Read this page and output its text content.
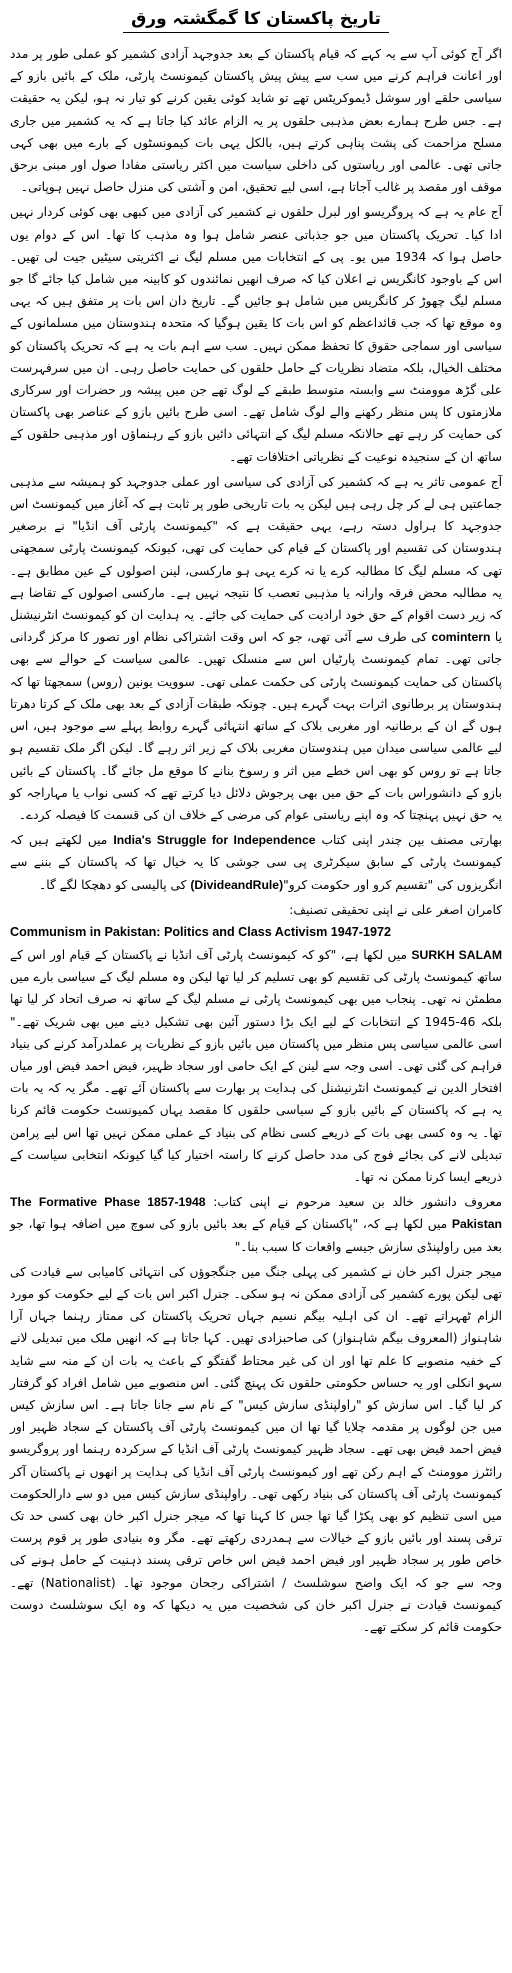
تاریخ پاکستان کا گمگشتہ ورق

اگر آج کوئی آپ سے یہ کہے کہ قیام پاکستان کے بعد جدوجہد آزادی کشمیر کو عملی طور پر مدد اور اعانت فراہم کرنے میں سب سے پیش پیش پاکستان کیمونسٹ پارٹی، ملک کے بائیں بازو کے سیاسی حلقے اور سوشل ڈیموکریٹس تھے تو شاید کوئی یقین کرنے کو تیار نہ ہو، لیکن یہ حقیقت ہے۔ جس طرح ہمارے بعض مذہبی حلقوں پر یہ الزام عائد کیا جاتا ہے کہ یہ کشمیر میں جاری مسلح مزاحمت کی پشت پناہی کرتے ہیں، بالکل یہی بات کیمونسٹوں کے بارے میں بھی کہی جاتی تھی۔ عالمی اور ریاستوں کی داخلی سیاست میں اکثر ریاستی مفادا صول اور مبنی برحق موقف اور مقصد پر غالب آجاتا ہے، اسی لیے تحقیق، امن و آشتی کی منزل حاصل نہیں ہوپاتی۔

آج عام یہ ہے کہ پروگریسو اور لبرل حلقوں نے کشمیر کی آزادی میں کبھی بھی کوئی کردار نہیں ادا کیا۔ تحریک پاکستان میں جو جذباتی عنصر شامل ہوا وہ مذہب کا تھا۔ اس کے دوام یوں حاصل ہوا کہ 1934 میں یو۔ پی کے انتخابات میں مسلم لیگ نے اکثریتی سیٹیں جیت لی تھیں۔ اس کے باوجود کانگریس نے اعلان کیا کہ صرف انھیں نمائندوں کو کابینہ میں شامل کیا جائے گا جو مسلم لیگ چھوڑ کر کانگریس میں شامل ہو جائیں گے۔ تاریخ دان اس بات پر متفق ہیں کہ یہی وہ موقع تھا کہ جب قائداعظم کو اس بات کا یقین ہوگیا کہ متحدہ ہندوستان میں مسلمانوں کے سیاسی اور سماجی حقوق کا تحفظ ممکن نہیں۔ سب سے اہم بات یہ ہے کہ تحریک پاکستان کو مختلف الخیال، بلکہ متضاد نظریات کے حامل حلقوں کی حمایت حاصل رہی۔ ان میں سرفہرست علی گڑھ موومنٹ سے وابستہ متوسط طبقے کے لوگ تھے جن میں پیشہ ور حضرات اور سرکاری ملازمتوں کا پس منظر رکھنے والے لوگ شامل تھے۔ اسی طرح بائیں بازو کے عناصر بھی پاکستان کی حمایت کر رہے تھے حالانکہ مسلم لیگ کے انتہائی دائیں بازو کے رہنماؤں اور مذہبی حلقوں کے ساتھ ان کے سنجیدہ نوعیت کے نظریاتی اختلافات تھے۔

آج عمومی تاثر یہ ہے کہ کشمیر کی آزادی کی سیاسی اور عملی جدوجہد کو ہمیشہ سے مذہبی جماعتیں ہی لے کر چل رہی ہیں لیکن یہ بات تاریخی طور پر ثابت ہے کہ آغاز میں کیمونسٹ اس جدوجہد کا ہراول دستہ رہے، یہی حقیقت ہے کہ "کیمونسٹ پارٹی آف انڈیا" نے برصغیر ہندوستان کی تقسیم اور پاکستان کے قیام کی حمایت کی تھی، کیونکہ کیمونسٹ پارٹی سمجھتی تھی کہ مسلم لیگ کا مطالبہ کرے یا نہ کرے یہی ہو مارکسی، لینن اصولوں کے عین مطابق ہے۔ یہ مطالبہ محض فرقہ وارانہ یا مذہبی تعصب کا نتیجہ نہیں ہے۔ مارکسی اصولوں کے تقاضا ہے کہ زیر دست اقوام کے حق خود ارادیت کی حمایت کی جائے۔ یہ ہدایت ان کو کیمونسٹ انٹرنیشنل یا comintern کی طرف سے آئی تھی، جو کہ اس وقت اشتراکی نظام اور تصور کا مرکز گردانی جاتی تھی۔ تمام کیمونسٹ پارٹیاں اس سے منسلک تھیں۔ عالمی سیاست کے حوالے سے بھی پاکستان کی حمایت کیمونسٹ پارٹی کی حکمت عملی تھی۔ سوویت یونین (روس) سمجھتا تھا کہ ہندوستان پر برطانوی اثرات بہت گہرے ہیں۔ چونکہ طبقات آزادی کے بعد بھی ملک کے کرتا دھرتا ہوں گے ان کے برطانیہ اور مغربی بلاک کے ساتھ انتہائی گہرے روابط پہلے سے موجود ہیں، اس لیے عالمی سیاسی میدان میں ہندوستان مغربی بلاک کے زیر اثر رہے گا۔ لیکن اگر ملک تقسیم ہو جاتا ہے تو روس کو بھی اس خطے میں اثر و رسوخ بنانے کا موقع مل جائے گا۔ پاکستان کے بائیں بازو کے دانشوراس بات کے حق میں بھی پرجوش دلائل دیا کرتے تھے کہ کسی نواب یا مہاراجہ کو یہ حق نہیں پہنچتا کہ وہ اپنے ریاستی عوام کی مرضی کے خلاف ان کی قسمت کا فیصلہ کردے۔

بھارتی مصنف بپن چندر اپنی کتاب India's Struggle for Independence میں لکھتے ہیں کہ کیمونسٹ پارٹی کے سابق سیکرٹری پی سی جوشی کا یہ خیال تھا کہ پاکستان کے بننے سے انگریزوں کی "تقسیم کرو اور حکومت کرو"(DivideandRule) کی پالیسی کو دھچکا لگے گا۔

کامران اصغر علی نے اپنی تحقیقی تصنیف:

Communism in Pakistan: Politics and Class Activism 1947-1972

SURKH SALAM میں لکھا ہے، "کو کہ کیمونسٹ پارٹی آف انڈیا نے پاکستان کے قیام اور اس کے ساتھ کیمونسٹ پارٹی کی تقسیم کو بھی تسلیم کر لیا تھا لیکن وہ مسلم لیگ کے سیاسی بارے میں مطمئن نہ تھی۔ پنجاب میں بھی کیمونسٹ پارٹی نے مسلم لیگ کے ساتھ نہ صرف اتحاد کر لیا تھا بلکہ 46-1945 کے انتخابات کے لیے ایک بڑا دستور آئین بھی تشکیل دینے میں بھی شریک تھے۔" اسی عالمی سیاسی پس منظر میں پاکستان میں بائیں بازو کے نظریات پر عملدرآمد کرنے کی بنیاد فراہم کی گئی تھی۔ اسی وجہ سے لینن کے ایک حامی اور سجاد ظہیر، فیض احمد فیض اور میاں افتخار الدین نے کیمونسٹ انٹرنیشنل کی ہدایت پر بھارت سے پاکستان آئے تھے۔ مگر یہ کہ یہ بات یہ ہے کہ پاکستان کے بائیں بازو کے سیاسی حلقوں کا مقصد یہاں کمیونسٹ حکومت قائم کرنا تھا۔ یہ وہ کسی بھی بات کے ذریعے کسی نظام کی بنیاد کے عملی ممکن نہیں تھا اس لیے پرامن تبدیلی لانے کی بجائے فوج کی مدد حاصل کرنے کا راستہ اختیار کیا گیا کیونکہ انتخابی سیاست کے ذریعے ایسا کرنا ممکن نہ تھا۔

معروف دانشور خالد بن سعید مرحوم نے اپنی کتاب: The Formative Phase 1857-1948 Pakistan میں لکھا ہے کہ، "پاکستان کے قیام کے بعد بائیں بازو کی سوچ میں اضافہ ہوا تھا، جو بعد میں راولپنڈی سازش جیسے واقعات کا سبب بنا۔"

میجر جنرل اکبر خان نے کشمیر کی پہلی جنگ میں جنگجوؤں کی انتہائی کامیابی سے قیادت کی تھی لیکن پورے کشمیر کی آزادی ممکن نہ ہو سکی۔ جنرل اکبر اس بات کے لیے حکومت کو مورد الزام ٹھہراتے تھے۔ ان کی اہلیہ بیگم نسیم جہاں تحریک پاکستان کی ممتاز رہنما جہاں آرا شاہنواز (المعروف بیگم شاہنواز) کی صاحبزادی تھیں۔ کہا جاتا ہے کہ انھیں ملک میں تبدیلی لانے کے خفیہ منصوبے کا علم تھا اور ان کی غیر محتاط گفتگو کے باعث یہ بات ان کے منہ سے شاید سہو انکلی اور یہ حساس حکومتی حلقوں تک پہنچ گئی۔ اس منصوبے میں شامل افراد کو گرفتار کر لیا گیا۔ اس سازش کو "راولپنڈی سازش کیس" کے نام سے جانا جاتا ہے۔ اس سازش کیس میں جن لوگوں پر مقدمہ چلایا گیا تھا ان میں کیمونسٹ پارٹی آف پاکستان کے سجاد ظہیر اور فیض احمد فیض بھی تھے۔ سجاد ظہیر کیمونسٹ پارٹی آف انڈیا کے سرکردہ رہنما اور پروگریسو رائٹرز موومنٹ کے اہم رکن تھے اور کیمونسٹ پارٹی آف انڈیا کی ہدایت پر انھوں نے پاکستان آکر کیمونسٹ پارٹی آف پاکستان کی بنیاد رکھی تھی۔ راولپنڈی سازش کیس میں دو سے دارالحکومت میں اسی تنظیم کو بھی پکڑا گیا تھا جس کا کہنا تھا کہ میجر جنرل اکبر خان بھی کسی حد تک ترقی پسند اور بائیں بازو کے خیالات سے ہمدردی رکھتے تھے۔ مگر وہ بنیادی طور پر قوم پرست خاص طور پر سجاد ظہیر اور فیض احمد فیض اس خاص ترقی پسند ذہنیت کے حامل ہونے کی وجہ سے جو کہ ایک واضح سوشلسٹ / اشتراکی رجحان موجود تھا۔ (Nationalist) تھے۔ کیمونسٹ قیادت نے جنرل اکبر خان کی شخصیت میں یہ دیکھا کہ وہ ایک سوشلسٹ دوست حکومت قائم کر سکتے تھے۔
